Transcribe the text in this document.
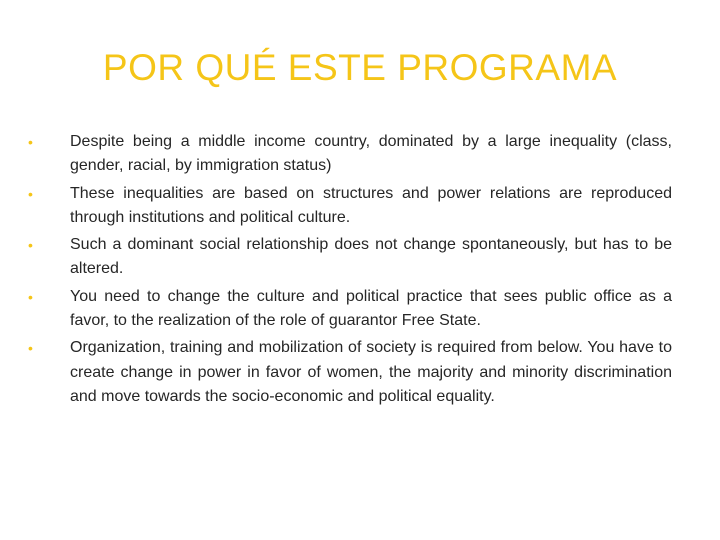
POR QUÉ ESTE PROGRAMA
•	Despite being a middle income country, dominated by a large inequality (class, gender, racial, by immigration status)
•	These inequalities are based on structures and power relations are reproduced through institutions and political culture.
•	Such a dominant social relationship does not change spontaneously, but has to be altered.
•	You need to change the culture and political practice that sees public office as a favor, to the realization of the role of guarantor Free State.
•	Organization, training and mobilization of society is required from below. You have to create change in power in favor of women, the majority and minority discrimination and move towards the socio-economic and political equality.
